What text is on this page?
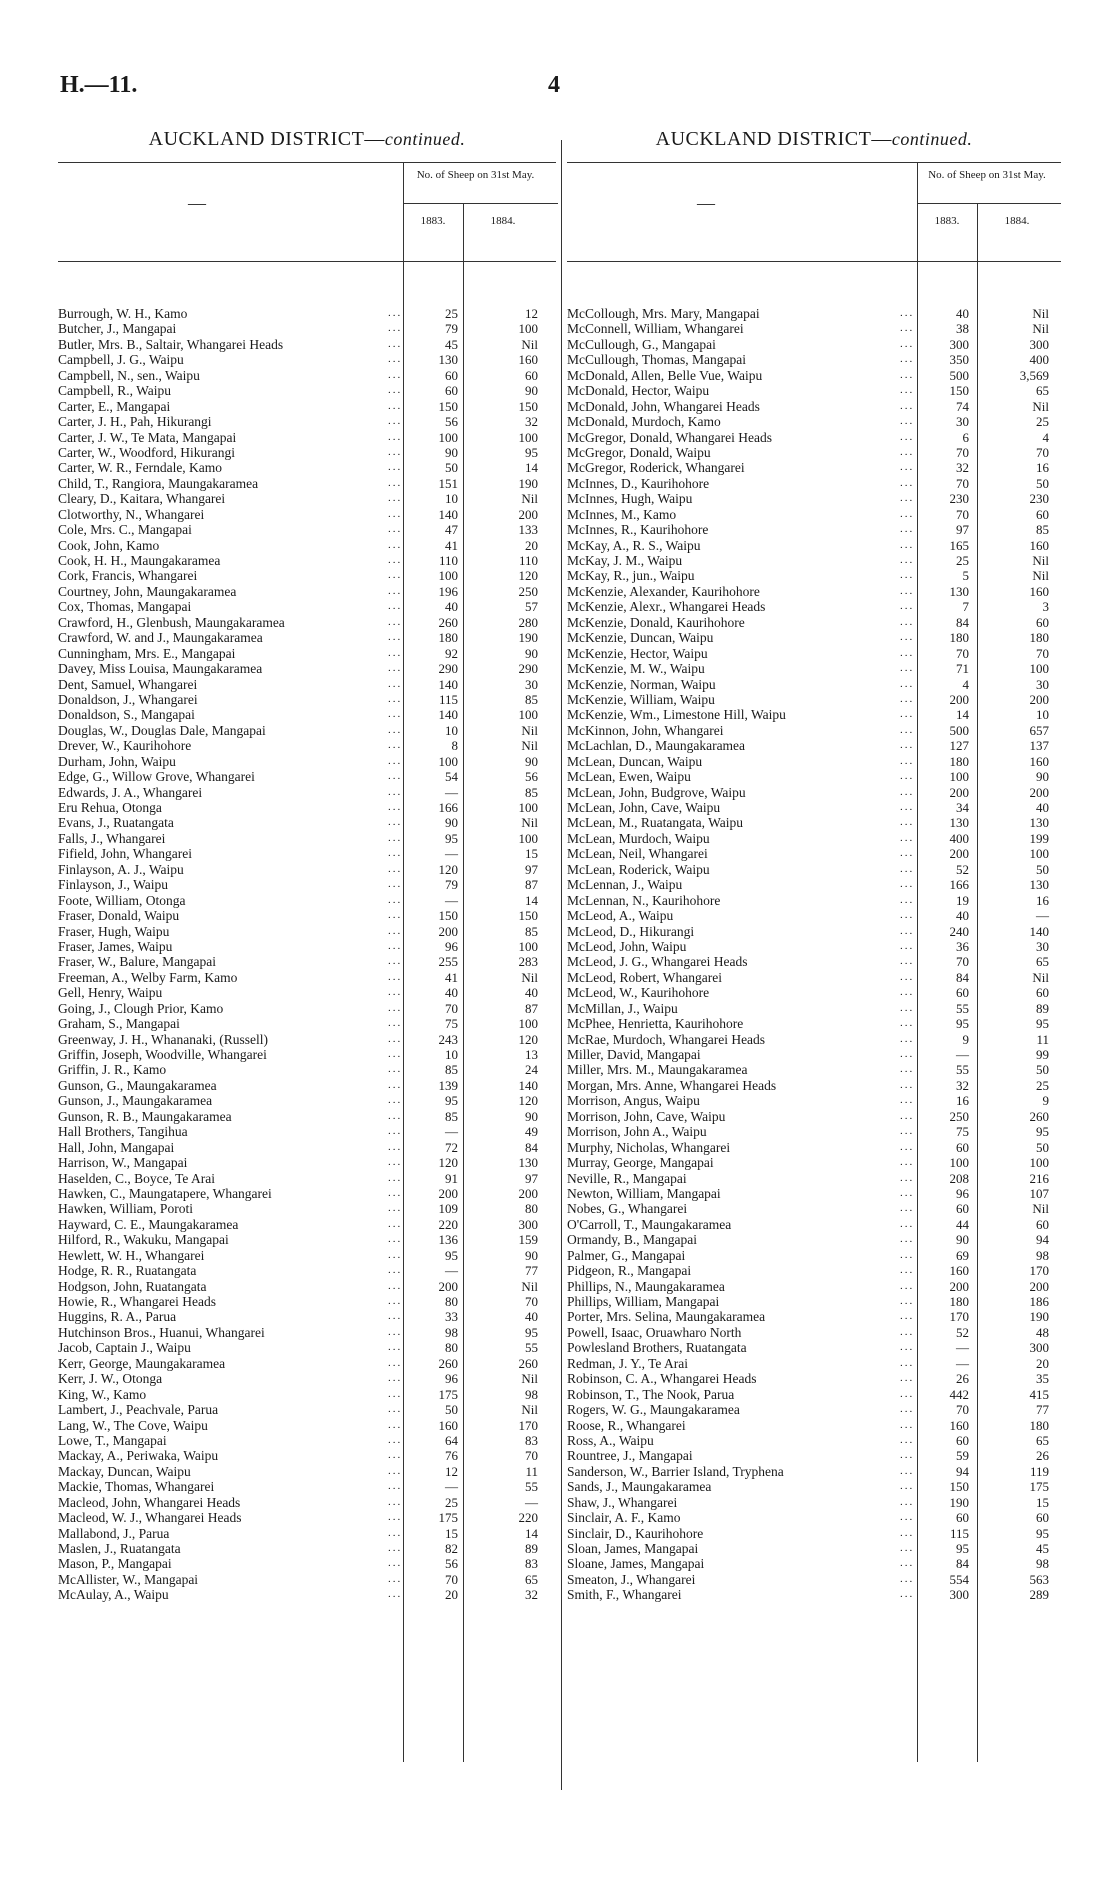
H.—11.	4
AUCKLAND DISTRICT—continued.
—
No. of Sheep on 31st May.
1883.	1884.
Burrough, W. H., Kamo	...	25	12
Butcher, J., Mangapai	...	79	100
Butler, Mrs. B., Saltair, Whangarei Heads	...	45	Nil
Campbell, J. G., Waipu	...	130	160
Campbell, N., sen., Waipu	...	60	60
Campbell, R., Waipu	...	60	90
Carter, E., Mangapai	...	150	150
Carter, J. H., Pah, Hikurangi	...	56	32
Carter, J. W., Te Mata, Mangapai	...	100	100
Carter, W., Woodford, Hikurangi	...	90	95
Carter, W. R., Ferndale, Kamo	...	50	14
Child, T., Rangiora, Maungakaramea	...	151	190
Cleary, D., Kaitara, Whangarei	...	10	Nil
Clotworthy, N., Whangarei	...	140	200
Cole, Mrs. C., Mangapai	...	47	133
Cook, John, Kamo	...	41	20
Cook, H. H., Maungakaramea	...	110	110
Cork, Francis, Whangarei	...	100	120
Courtney, John, Maungakaramea	...	196	250
Cox, Thomas, Mangapai	...	40	57
Crawford, H., Glenbush, Maungakaramea	...	260	280
Crawford, W. and J., Maungakaramea	...	180	190
Cunningham, Mrs. E., Mangapai	...	92	90
Davey, Miss Louisa, Maungakaramea	...	290	290
Dent, Samuel, Whangarei	...	140	30
Donaldson, J., Whangarei	...	115	85
Donaldson, S., Mangapai	...	140	100
Douglas, W., Douglas Dale, Mangapai	...	10	Nil
Drever, W., Kaurihohore	...	8	Nil
Durham, John, Waipu	...	100	90
Edge, G., Willow Grove, Whangarei	...	54	56
Edwards, J. A., Whangarei	...	—	85
Eru Rehua, Otonga	...	166	100
Evans, J., Ruatangata	...	90	Nil
Falls, J., Whangarei	...	95	100
Fifield, John, Whangarei	...	—	15
Finlayson, A. J., Waipu	...	120	97
Finlayson, J., Waipu	...	79	87
Foote, William, Otonga	...	—	14
Fraser, Donald, Waipu	...	150	150
Fraser, Hugh, Waipu	...	200	85
Fraser, James, Waipu	...	96	100
Fraser, W., Balure, Mangapai	...	255	283
Freeman, A., Welby Farm, Kamo	...	41	Nil
Gell, Henry, Waipu	...	40	40
Going, J., Clough Prior, Kamo	...	70	87
Graham, S., Mangapai	...	75	100
Greenway, J. H., Whananaki, (Russell)	...	243	120
Griffin, Joseph, Woodville, Whangarei	...	10	13
Griffin, J. R., Kamo	...	85	24
Gunson, G., Maungakaramea	...	139	140
Gunson, J., Maungakaramea	...	95	120
Gunson, R. B., Maungakaramea	...	85	90
Hall Brothers, Tangihua	...	—	49
Hall, John, Mangapai	...	72	84
Harrison, W., Mangapai	...	120	130
Haselden, C., Boyce, Te Arai	...	91	97
Hawken, C., Maungatapere, Whangarei	...	200	200
Hawken, William, Poroti	...	109	80
Hayward, C. E., Maungakaramea	...	220	300
Hilford, R., Wakuku, Mangapai	...	136	159
Hewlett, W. H., Whangarei	...	95	90
Hodge, R. R., Ruatangata	...	—	77
Hodgson, John, Ruatangata	...	200	Nil
Howie, R., Whangarei Heads	...	80	70
Huggins, R. A., Parua	...	33	40
Hutchinson Bros., Huanui, Whangarei	...	98	95
Jacob, Captain J., Waipu	...	80	55
Kerr, George, Maungakaramea	...	260	260
Kerr, J. W., Otonga	...	96	Nil
King, W., Kamo	...	175	98
Lambert, J., Peachvale, Parua	...	50	Nil
Lang, W., The Cove, Waipu	...	160	170
Lowe, T., Mangapai	...	64	83
Mackay, A., Periwaka, Waipu	...	76	70
Mackay, Duncan, Waipu	...	12	11
Mackie, Thomas, Whangarei	...	—	55
Macleod, John, Whangarei Heads	...	25	—
Macleod, W. J., Whangarei Heads	...	175	220
Mallabond, J., Parua	...	15	14
Maslen, J., Ruatangata	...	82	89
Mason, P., Mangapai	...	56	83
McAllister, W., Mangapai	...	70	65
McAulay, A., Waipu	...	20	32
AUCKLAND DISTRICT—continued.
—
No. of Sheep on 31st May.
1883.	1884.
McCollough, Mrs. Mary, Mangapai	...	40	Nil
McConnell, William, Whangarei	...	38	Nil
McCullough, G., Mangapai	...	300	300
McCullough, Thomas, Mangapai	...	350	400
McDonald, Allen, Belle Vue, Waipu	...	500	3,569
McDonald, Hector, Waipu	...	150	65
McDonald, John, Whangarei Heads	...	74	Nil
McDonald, Murdoch, Kamo	...	30	25
McGregor, Donald, Whangarei Heads	...	6	4
McGregor, Donald, Waipu	...	70	70
McGregor, Roderick, Whangarei	...	32	16
McInnes, D., Kaurihohore	...	70	50
McInnes, Hugh, Waipu	...	230	230
McInnes, M., Kamo	...	70	60
McInnes, R., Kaurihohore	...	97	85
McKay, A., R. S., Waipu	...	165	160
McKay, J. M., Waipu	...	25	Nil
McKay, R., jun., Waipu	...	5	Nil
McKenzie, Alexander, Kaurihohore	...	130	160
McKenzie, Alexr., Whangarei Heads	...	7	3
McKenzie, Donald, Kaurihohore	...	84	60
McKenzie, Duncan, Waipu	...	180	180
McKenzie, Hector, Waipu	...	70	70
McKenzie, M. W., Waipu	...	71	100
McKenzie, Norman, Waipu	...	4	30
McKenzie, William, Waipu	...	200	200
McKenzie, Wm., Limestone Hill, Waipu	...	14	10
McKinnon, John, Whangarei	...	500	657
McLachlan, D., Maungakaramea	...	127	137
McLean, Duncan, Waipu	...	180	160
McLean, Ewen, Waipu	...	100	90
McLean, John, Budgrove, Waipu	...	200	200
McLean, John, Cave, Waipu	...	34	40
McLean, M., Ruatangata, Waipu	...	130	130
McLean, Murdoch, Waipu	...	400	199
McLean, Neil, Whangarei	...	200	100
McLean, Roderick, Waipu	...	52	50
McLennan, J., Waipu	...	166	130
McLennan, N., Kaurihohore	...	19	16
McLeod, A., Waipu	...	40	—
McLeod, D., Hikurangi	...	240	140
McLeod, John, Waipu	...	36	30
McLeod, J. G., Whangarei Heads	...	70	65
McLeod, Robert, Whangarei	...	84	Nil
McLeod, W., Kaurihohore	...	60	60
McMillan, J., Waipu	...	55	89
McPhee, Henrietta, Kaurihohore	...	95	95
McRae, Murdoch, Whangarei Heads	...	9	11
Miller, David, Mangapai	...	—	99
Miller, Mrs. M., Maungakaramea	...	55	50
Morgan, Mrs. Anne, Whangarei Heads	...	32	25
Morrison, Angus, Waipu	...	16	9
Morrison, John, Cave, Waipu	...	250	260
Morrison, John A., Waipu	...	75	95
Murphy, Nicholas, Whangarei	...	60	50
Murray, George, Mangapai	...	100	100
Neville, R., Mangapai	...	208	216
Newton, William, Mangapai	...	96	107
Nobes, G., Whangarei	...	60	Nil
O'Carroll, T., Maungakaramea	...	44	60
Ormandy, B., Mangapai	...	90	94
Palmer, G., Mangapai	...	69	98
Pidgeon, R., Mangapai	...	160	170
Phillips, N., Maungakaramea	...	200	200
Phillips, William, Mangapai	...	180	186
Porter, Mrs. Selina, Maungakaramea	...	170	190
Powell, Isaac, Oruawharo North	...	52	48
Powlesland Brothers, Ruatangata	...	—	300
Redman, J. Y., Te Arai	...	—	20
Robinson, C. A., Whangarei Heads	...	26	35
Robinson, T., The Nook, Parua	...	442	415
Rogers, W. G., Maungakaramea	...	70	77
Roose, R., Whangarei	...	160	180
Ross, A., Waipu	...	60	65
Rountree, J., Mangapai	...	59	26
Sanderson, W., Barrier Island, Tryphena	...	94	119
Sands, J., Maungakaramea	...	150	175
Shaw, J., Whangarei	...	190	15
Sinclair, A. F., Kamo	...	60	60
Sinclair, D., Kaurihohore	...	115	95
Sloan, James, Mangapai	...	95	45
Sloane, James, Mangapai	...	84	98
Smeaton, J., Whangarei	...	554	563
Smith, F., Whangarei	...	300	289
